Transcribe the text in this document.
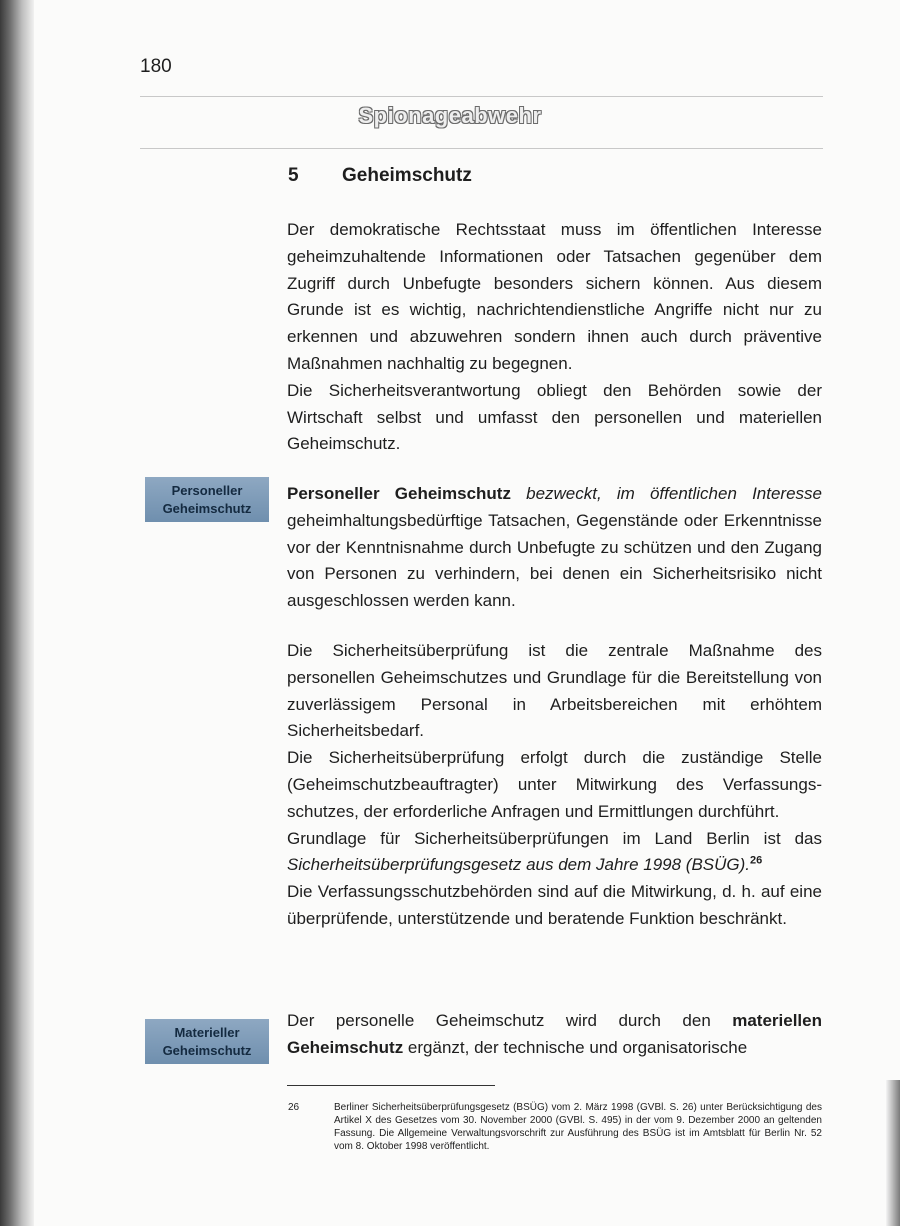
180
Spionageabwehr
5 Geheimschutz

Der demokratische Rechtsstaat muss im öffentlichen Interesse geheimzuhaltende Informationen oder Tatsachen gegenüber dem Zugriff durch Unbefugte besonders sichern können. Aus diesem Grunde ist es wichtig, nachrichtendienstliche Angriffe nicht nur zu erkennen und abzuwehren sondern ihnen auch durch präventive Maßnahmen nachhaltig zu begegnen.

Die Sicherheitsverantwortung obliegt den Behörden sowie der Wirtschaft selbst und umfasst den personellen und materiellen Geheimschutz.

Personeller
Geheimschutz

Personeller Geheimschutz bezweckt, im öffentlichen Interesse geheimhaltungsbedürftige Tatsachen, Gegenstände oder Erkenntnisse vor der Kenntnisnahme durch Unbefugte zu schützen und den Zugang von Personen zu verhindern, bei denen ein Sicherheitsrisiko nicht ausgeschlossen werden kann.

Die Sicherheitsüberprüfung ist die zentrale Maßnahme des personellen Geheimschutzes und Grundlage für die Bereitstellung von zuverlässigem Personal in Arbeitsbereichen mit erhöhtem Sicherheitsbedarf.

Die Sicherheitsüberprüfung erfolgt durch die zuständige Stelle (Geheimschutzbeauftragter) unter Mitwirkung des Verfassungsschutzes, der erforderliche Anfragen und Ermittlungen durchführt.

Grundlage für Sicherheitsüberprüfungen im Land Berlin ist das Sicherheitsüberprüfungsgesetz aus dem Jahre 1998 (BSÜG).$^{26}$

Die Verfassungsschutzbehörden sind auf die Mitwirkung, d. h. auf eine überprüfende, unterstützende und beratende Funktion beschränkt.

Materieller
Geheimschutz

Der personelle Geheimschutz wird durch den materiellen Geheimschutz ergänzt, der technische und organisatorische

26	Berliner Sicherheitsüberprüfungsgesetz (BSÜG) vom 2. März 1998 (GVBl. S. 26) unter Berücksichtigung des Artikel X des Gesetzes vom 30. November 2000 (GVBl. S. 495) in der vom 9. Dezember 2000 an geltenden Fassung. Die Allgemeine Verwaltungsvorschrift zur Ausführung des BSÜG ist im Amtsblatt für Berlin Nr. 52 vom 8. Oktober 1998 veröffentlicht.
